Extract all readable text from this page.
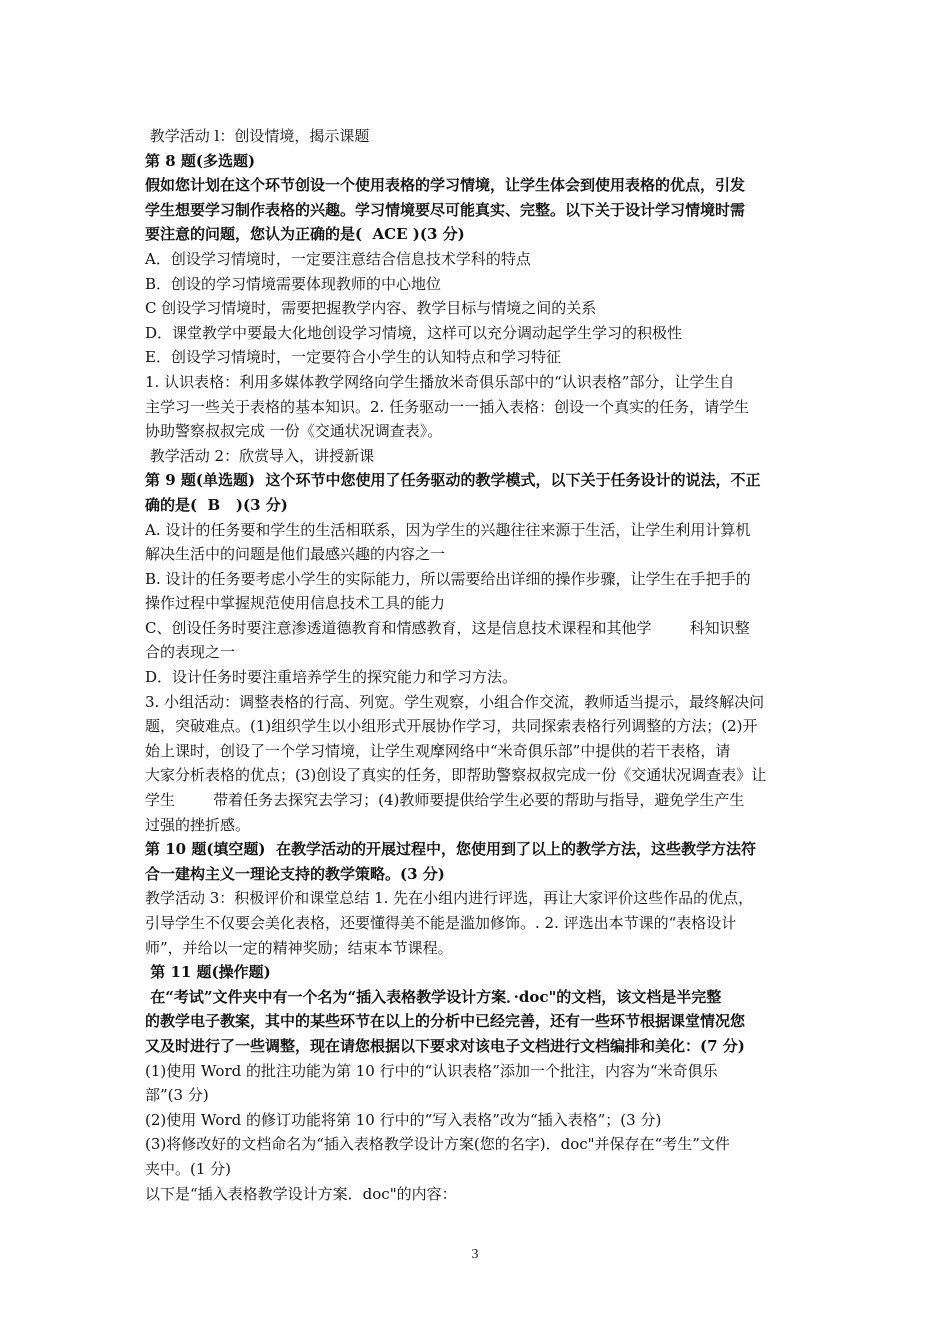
教学活动 l：创设情境，揭示课题
第 8 题(多选题)
假如您计划在这个环节创设一个使用表格的学习情境，让学生体会到使用表格的优点，引发
学生想要学习制作表格的兴趣。学习情境要尽可能真实、完整。以下关于设计学习情境时需
要注意的问题，您认为正确的是(  ACE )(3 分)
A．创设学习情境时，一定要注意结合信息技术学科的特点
B．创设的学习情境需要体现教师的中心地位
C 创设学习情境时，需要把握教学内容、教学目标与情境之间的关系
D．课堂教学中要最大化地创设学习情境，这样可以充分调动起学生学习的积极性
E．创设学习情境时，一定要符合小学生的认知特点和学习特征
1. 认识表格：利用多媒体教学网络向学生播放米奇俱乐部中的“认识表格”部分，让学生自
主学习一些关于表格的基本知识。2. 任务驱动一一插入表格：创设一个真实的任务，请学生
协助警察叔叔完成 一份《交通状况调查表》。
教学活动 2：欣赏导入，讲授新课
第 9 题(单选题)  这个环节中您使用了任务驱动的教学模式，以下关于任务设计的说法，不正
确的是(  B   )(3 分)
A. 设计的任务要和学生的生活相联系，因为学生的兴趣往往来源于生活，让学生利用计算机
解决生活中的问题是他们最感兴趣的内容之一
B. 设计的任务要考虑小学生的实际能力，所以需要给出详细的操作步骤，让学生在手把手的
操作过程中掌握规范使用信息技术工具的能力
C、创设任务时要注意渗透道德教育和情感教育，这是信息技术课程和其他学        科知识整
合的表现之一
D．设计任务时要注重培养学生的探究能力和学习方法。
3. 小组活动：调整表格的行高、列宽。学生观察，小组合作交流，教师适当提示，最终解决问
题，突破难点。(1)组织学生以小组形式开展协作学习，共同探索表格行列调整的方法；(2)开
始上课时，创设了一个学习情境，让学生观摩网络中“米奇俱乐部”中提供的若干表格，请
大家分析表格的优点；(3)创设了真实的任务，即帮助警察叔叔完成一份《交通状况调查表》让
学生        带着任务去探究去学习；(4)教师要提供给学生必要的帮助与指导，避免学生产生
过强的挫折感。
第 10 题(填空题)  在教学活动的开展过程中，您使用到了以上的教学方法，这些教学方法符
合一建构主义一理论支持的教学策略。(3 分)
教学活动 3：积极评价和课堂总结 1. 先在小组内进行评选，再让大家评价这些作品的优点，
引导学生不仅要会美化表格，还要懂得美不能是滥加修饰。. 2. 评选出本节课的“表格设计
师”，并给以一定的精神奖励；结束本节课程。
第 11 题(操作题)
在“考试”文件夹中有一个名为“插入表格教学设计方案．·doc"的文档，该文档是半完整
的教学电子教案，其中的某些环节在以上的分析中已经完善，还有一些环节根据课堂情况您
又及时进行了一些调整，现在请您根据以下要求对该电子文档进行文档编排和美化：(7 分)
(1)使用 Word 的批注功能为第 10 行中的“认识表格”添加一个批注，内容为“米奇俱乐
部”(3 分)
(2)使用 Word 的修订功能将第 10 行中的“写入表格”改为“插入表格”；(3 分)
(3)将修改好的文档命名为“插入表格教学设计方案(您的名字)．doc"并保存在“考生”文件
夹中。(1 分)
以下是“插入表格教学设计方案．doc"的内容：
3
